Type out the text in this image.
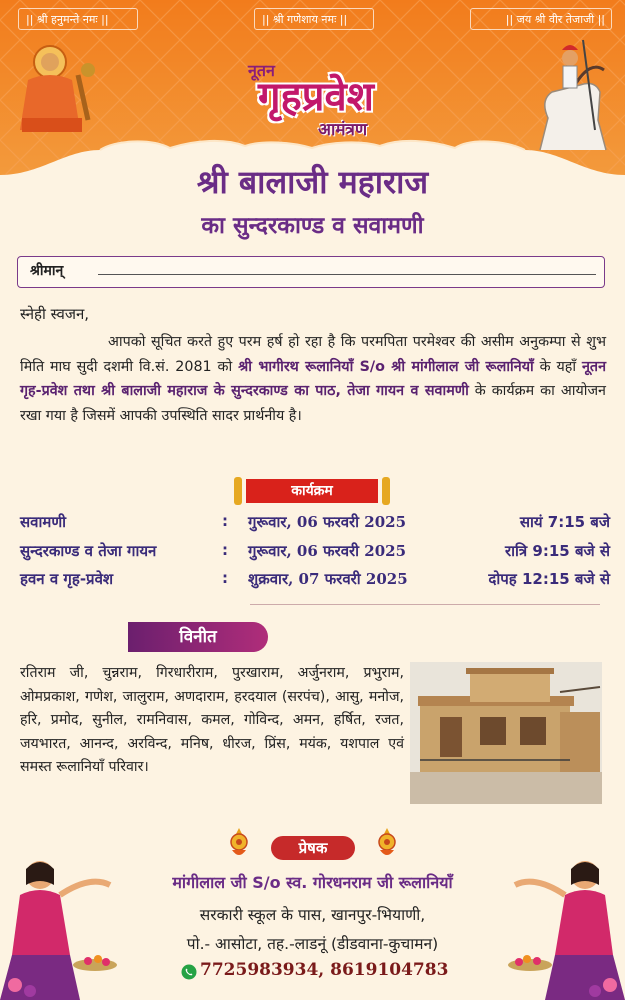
|| श्री हनुमन्ते नमः ||	|| श्री गणेशाय नमः ||	|| जय श्री वीर तेजाजी ||
नूतन
गृहप्रवेश
आमंत्रण
श्री बालाजी महाराज
का सुन्दरकाण्ड व सवामणी
श्रीमान्
स्नेही स्वजन,
आपको सूचित करते हुए परम हर्ष हो रहा है कि परमपिता परमेश्वर की असीम अनुकम्पा से शुभ मिति माघ सुदी दशमी वि.सं. 2081 को श्री भागीरथ रूलानियाँ S/o श्री मांगीलाल जी रूलानियाँ के यहाँ नूतन गृह-प्रवेश तथा श्री बालाजी महाराज के सुन्दरकाण्ड का पाठ, तेजा गायन व सवामणी के कार्यक्रम का आयोजन रखा गया है जिसमें आपकी उपस्थिति सादर प्रार्थनीय है।
कार्यक्रम
सवामणी	: गुरूवार, 06 फरवरी 2025	सायं 7:15 बजे
सुन्दरकाण्ड व तेजा गायन	: गुरूवार, 06 फरवरी 2025	रात्रि 9:15 बजे से
हवन व गृह-प्रवेश	: शुक्रवार, 07 फरवरी 2025	दोपह 12:15 बजे से
विनीत
रतिराम जी, चुन्नराम, गिरधारीराम, पुरखाराम, अर्जुनराम, प्रभुराम, ओमप्रकाश, गणेश, जालुराम, अणदाराम, हरदयाल (सरपंच), आसु, मनोज, हरि, प्रमोद, सुनील, रामनिवास, कमल, गोविन्द, अमन, हर्षित, रजत, जयभारत, आनन्द, अरविन्द, मनिष, धीरज, प्रिंस, मयंक, यशपाल एवं समस्त रूलानियाँ परिवार।
प्रेषक
मांगीलाल जी S/o स्व. गोरधनराम जी रूलानियाँ
सरकारी स्कूल के पास, खानपुर-भियाणी,
पो.- आसोटा, तह.-लाडनूं (डीडवाना-कुचामन)
7725983934, 8619104783
